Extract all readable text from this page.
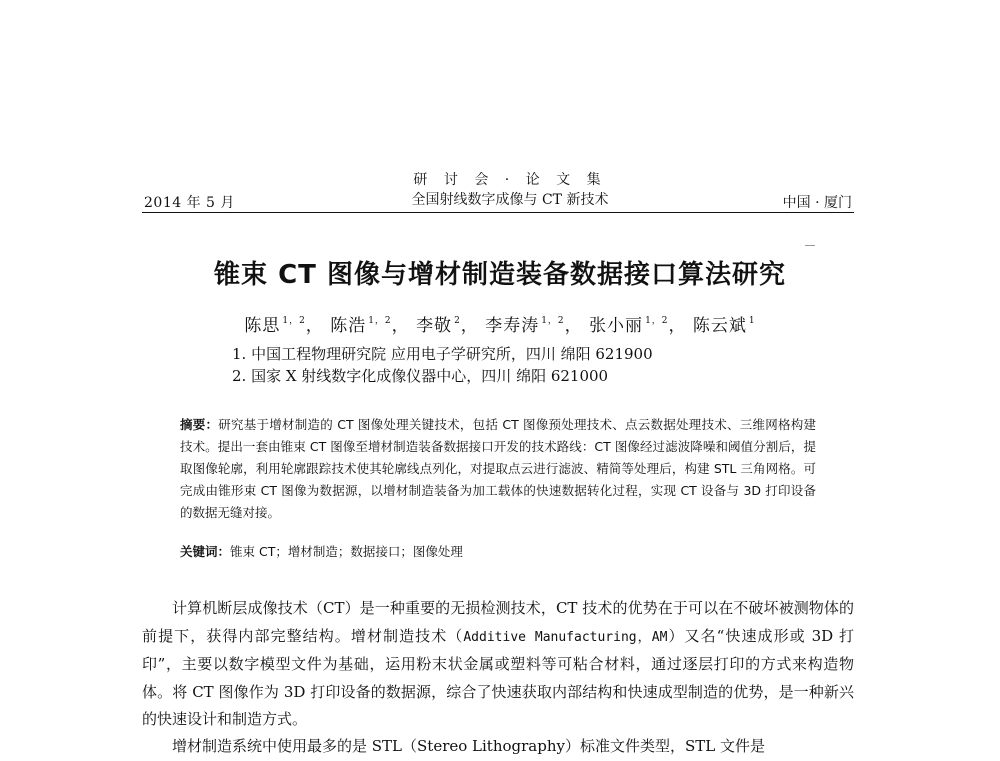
2014 年 5 月
研 讨 会 · 论 文 集
全国射线数字成像与 CT 新技术	中国 · 厦门
锥束 CT 图像与增材制造装备数据接口算法研究
陈思 $^{1,2}$， 陈浩 $^{1,2}$， 李敬 $^2$， 李寿涛 $^{1,2}$， 张小丽 $^{1,2}$， 陈云斌 $^1$
1. 中国工程物理研究院 应用电子学研究所，四川 绵阳 621900
2. 国家 X 射线数字化成像仪器中心，四川 绵阳 621000
摘要：研究基于增材制造的 CT 图像处理关键技术，包括 CT 图像预处理技术、点云数据处理技术、三维网格构建技术。提出一套由锥束 CT 图像至增材制造装备数据接口开发的技术路线：CT 图像经过滤波降噪和阈值分割后，提取图像轮廓，利用轮廓跟踪技术使其轮廓线点列化，对提取点云进行滤波、精简等处理后，构建 STL 三角网格。可完成由锥形束 CT 图像为数据源，以增材制造装备为加工载体的快速数据转化过程，实现 CT 设备与 3D 打印设备的数据无缝对接。
关键词：锥束 CT；增材制造；数据接口；图像处理

计算机断层成像技术（CT）是一种重要的无损检测技术，CT 技术的优势在于可以在不破坏被测物体的前提下，获得内部完整结构。增材制造技术（Additive Manufacturing，AM）又名“快速成形或 3D 打印”，主要以数字模型文件为基础，运用粉末状金属或塑料等可粘合材料，通过逐层打印的方式来构造物体。将 CT 图像作为 3D 打印设备的数据源，综合了快速获取内部结构和快速成型制造的优势，是一种新兴的快速设计和制造方式。

增材制造系统中使用最多的是 STL（Stereo Lithography）标准文件类型，STL 文件是
